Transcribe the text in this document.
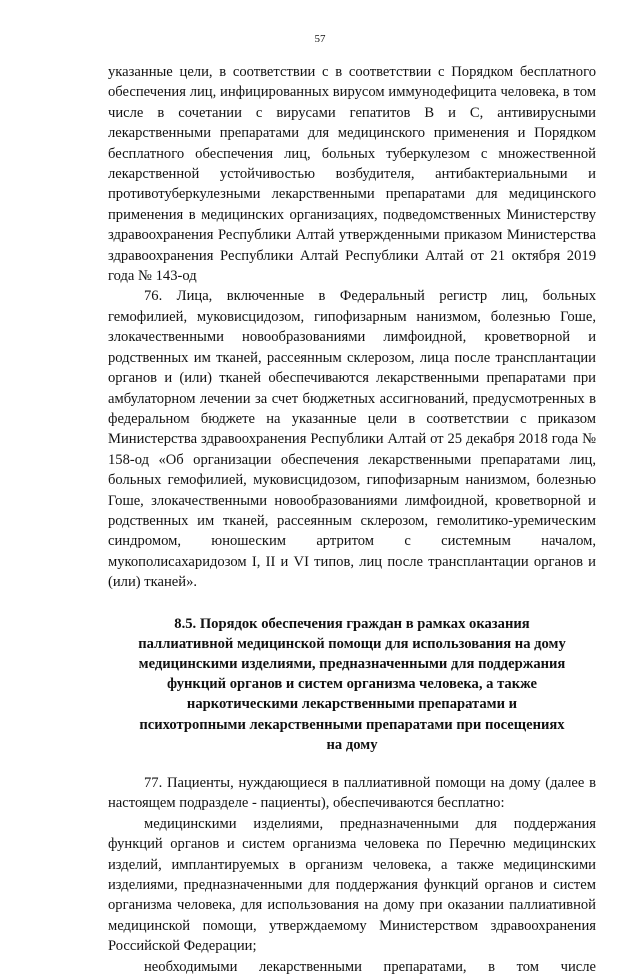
57

указанные цели, в соответствии с в соответствии с Порядком бесплатного обеспечения лиц, инфицированных вирусом иммунодефицита человека, в том числе в сочетании с вирусами гепатитов B и C, антивирусными лекарственными препаратами для медицинского применения и Порядком бесплатного обеспечения лиц, больных туберкулезом с множественной лекарственной устойчивостью возбудителя, антибактериальными и противотуберкулезными лекарственными препаратами для медицинского применения в медицинских организациях, подведомственных Министерству здравоохранения Республики Алтай утвержденными приказом Министерства здравоохранения Республики Алтай Республики Алтай от 21 октября 2019 года № 143-од

76. Лица, включенные в Федеральный регистр лиц, больных гемофилией, муковисцидозом, гипофизарным нанизмом, болезнью Гоше, злокачественными новообразованиями лимфоидной, кроветворной и родственных им тканей, рассеянным склерозом, лица после трансплантации органов и (или) тканей обеспечиваются лекарственными препаратами при амбулаторном лечении за счет бюджетных ассигнований, предусмотренных в федеральном бюджете на указанные цели в соответствии с приказом Министерства здравоохранения Республики Алтай от 25 декабря 2018 года № 158-од «Об организации обеспечения лекарственными препаратами лиц, больных гемофилией, муковисцидозом, гипофизарным нанизмом, болезнью Гоше, злокачественными новообразованиями лимфоидной, кроветворной и родственных им тканей, рассеянным склерозом, гемолитико-уремическим синдромом, юношеским артритом с системным началом, мукополисахаридозом I, II и VI типов, лиц после трансплантации органов и (или) тканей».

8.5. Порядок обеспечения граждан в рамках оказания
паллиативной медицинской помощи для использования на дому
медицинскими изделиями, предназначенными для поддержания
функций органов и систем организма человека, а также
наркотическими лекарственными препаратами и
психотропными лекарственными препаратами при посещениях
на дому

77. Пациенты, нуждающиеся в паллиативной помощи на дому (далее в настоящем подразделе - пациенты), обеспечиваются бесплатно:

медицинскими изделиями, предназначенными для поддержания функций органов и систем организма человека по Перечню медицинских изделий, имплантируемых в организм человека, а также медицинскими изделиями, предназначенными для поддержания функций органов и систем организма человека, для использования на дому при оказании паллиативной медицинской помощи, утверждаемому Министерством здравоохранения Российской Федерации;

необходимыми лекарственными препаратами, в том числе
